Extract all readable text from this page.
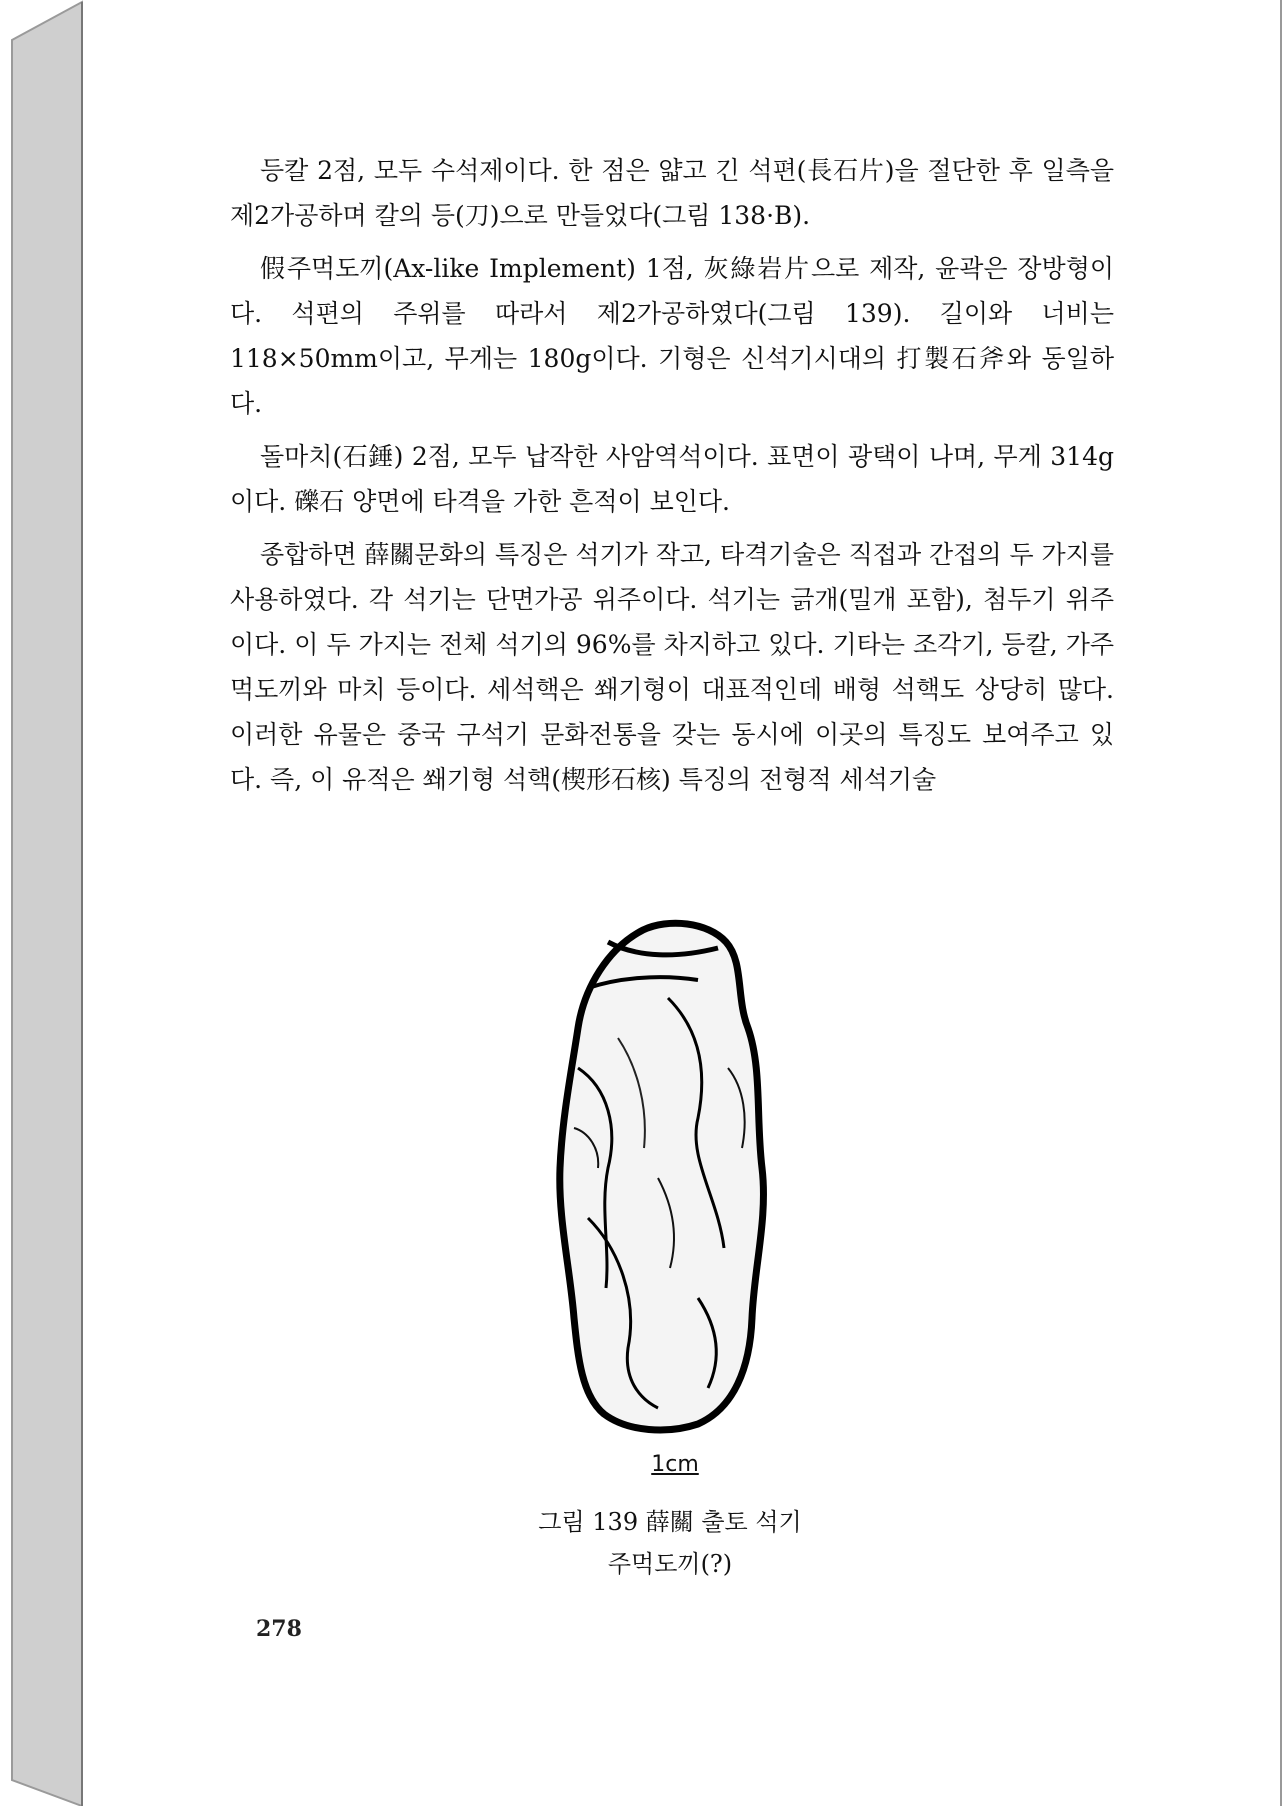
등칼 2점, 모두 수석제이다. 한 점은 얇고 긴 석편(長石片)을 절단한 후 일측을 제2가공하며 칼의 등(刀)으로 만들었다(그림 138·B).

假주먹도끼(Ax-like Implement) 1점, 灰綠岩片으로 제작, 윤곽은 장방형이다. 석편의 주위를 따라서 제2가공하였다(그림 139). 길이와 너비는 118×50mm이고, 무게는 180g이다. 기형은 신석기시대의 打製石斧와 동일하다.

돌마치(石錘) 2점, 모두 납작한 사암역석이다. 표면이 광택이 나며, 무게 314g이다. 礫石 양면에 타격을 가한 흔적이 보인다.

종합하면 薛關문화의 특징은 석기가 작고, 타격기술은 직접과 간접의 두 가지를 사용하였다. 각 석기는 단면가공 위주이다. 석기는 긁개(밀개 포함), 첨두기 위주이다. 이 두 가지는 전체 석기의 96%를 차지하고 있다. 기타는 조각기, 등칼, 가주먹도끼와 마치 등이다. 세석핵은 쐐기형이 대표적인데 배형 석핵도 상당히 많다. 이러한 유물은 중국 구석기 문화전통을 갖는 동시에 이곳의 특징도 보여주고 있다. 즉, 이 유적은 쐐기형 석핵(楔形石核) 특징의 전형적 세석기술

1cm
그림 139 薛關 출토 석기
주먹도끼(?)
278
